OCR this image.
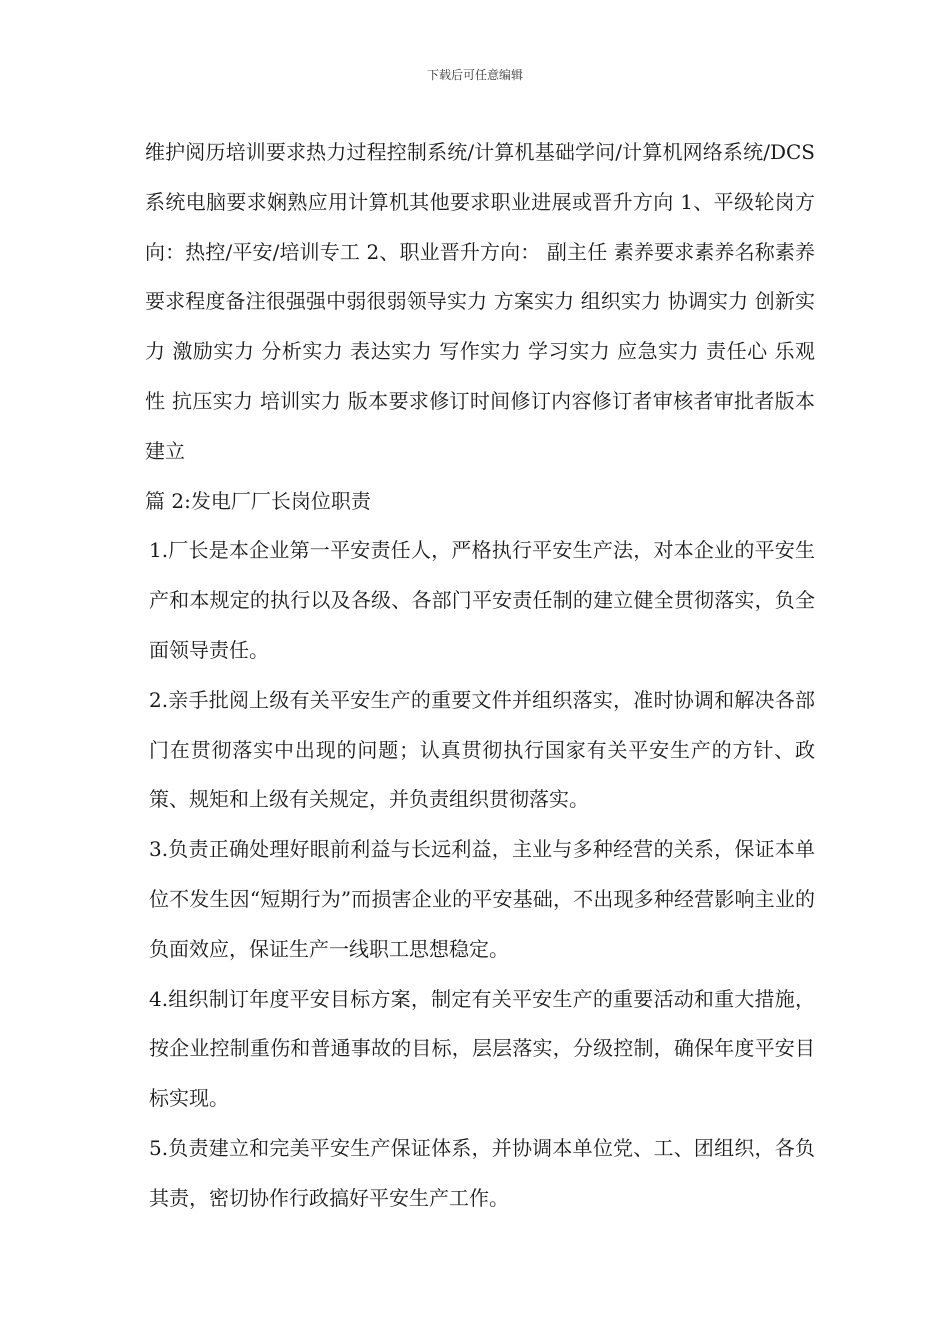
下载后可任意编辑

维护阅历培训要求热力过程控制系统/计算机基础学问/计算机网络系统/DCS系统电脑要求娴熟应用计算机其他要求职业进展或晋升方向 1、平级轮岗方向：热控/平安/培训专工 2、职业晋升方向： 副主任 素养要求素养名称素养要求程度备注很强强中弱很弱领导实力 方案实力 组织实力 协调实力 创新实力 激励实力 分析实力 表达实力 写作实力 学习实力 应急实力 责任心 乐观性 抗压实力 培训实力 版本要求修订时间修订内容修订者审核者审批者版本建立

篇 2:发电厂厂长岗位职责

1.厂长是本企业第一平安责任人，严格执行平安生产法，对本企业的平安生产和本规定的执行以及各级、各部门平安责任制的建立健全贯彻落实，负全面领导责任。

2.亲手批阅上级有关平安生产的重要文件并组织落实，准时协调和解决各部门在贯彻落实中出现的问题；认真贯彻执行国家有关平安生产的方针、政策、规矩和上级有关规定，并负责组织贯彻落实。

3.负责正确处理好眼前利益与长远利益，主业与多种经营的关系，保证本单位不发生因“短期行为”而损害企业的平安基础，不出现多种经营影响主业的负面效应，保证生产一线职工思想稳定。

4.组织制订年度平安目标方案，制定有关平安生产的重要活动和重大措施，按企业控制重伤和普通事故的目标，层层落实，分级控制，确保年度平安目标实现。

5.负责建立和完美平安生产保证体系，并协调本单位党、工、团组织，各负其责，密切协作行政搞好平安生产工作。
